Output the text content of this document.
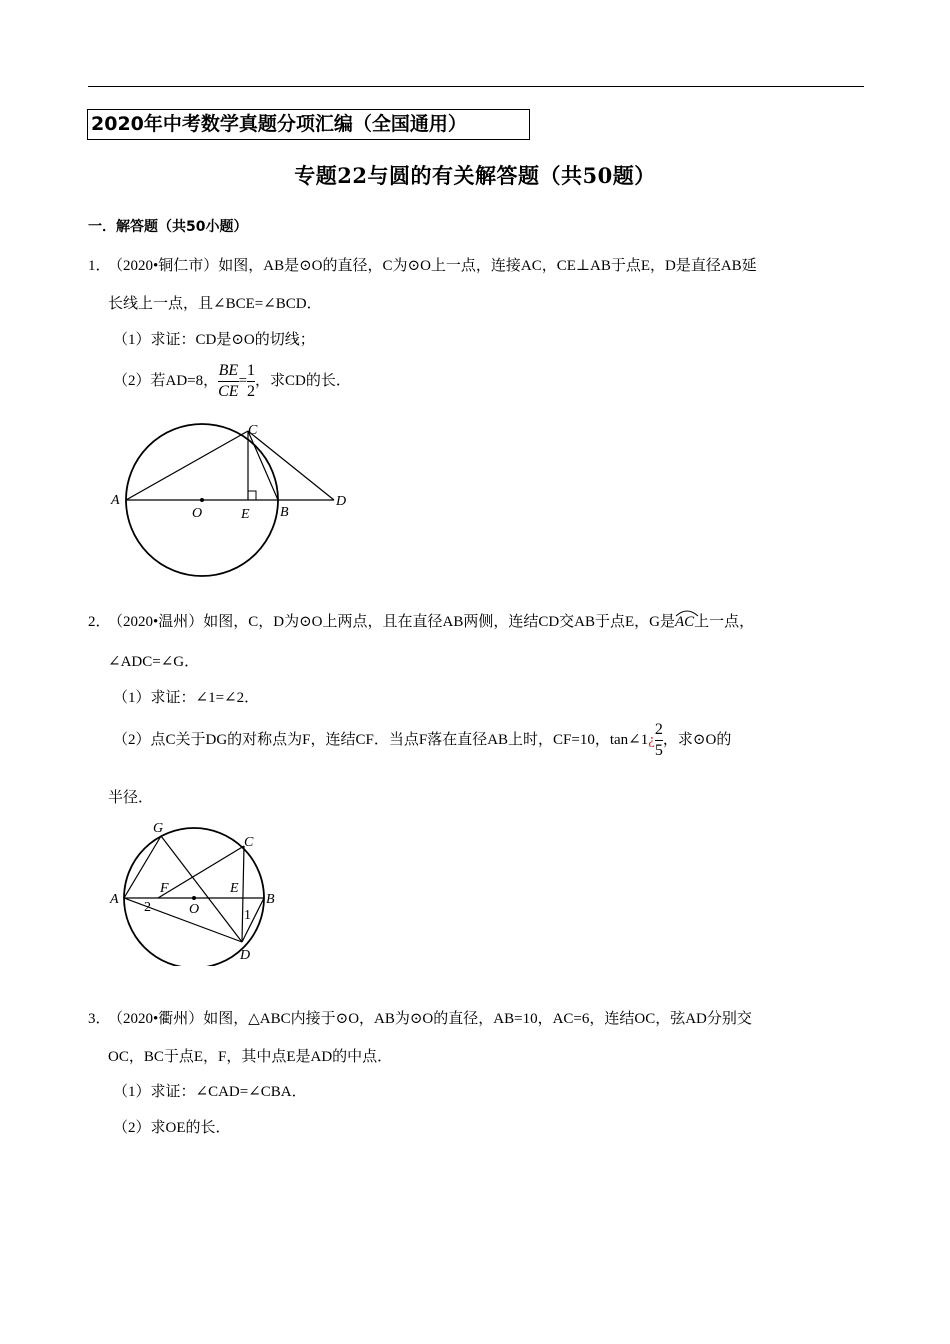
2020年中考数学真题分项汇编（全国通用）
专题22与圆的有关解答题（共50题）
一．解答题（共50小题）
1．
（2020•铜仁市）如图，AB是⊙O的直径，C为⊙O上一点，连接AC，CE⊥AB于点E，D是直径AB延
长线上一点，且∠BCE=∠BCD．
（1）求证：CD是⊙O的切线；
（2）若AD=8， $\frac{BE}{CE} = \frac{1}{2}$ ，求CD的长．
C
A
O	E B
D
2．
（2020•温州）如图，C，D为⊙O上两点，且在直径AB两侧，连结CD交AB于点E，G是
AC上一点，
∠ADC=∠G．
（1）求证：∠1=∠2．
（2）点C关于DG的对称点为F，连结CF．当点F落在直径AB上时，CF=10，tan∠1¿ $\frac{2}{5}$ ，求⊙O的
半径．
G
C
A
F	E
B
2	O	1
D
3．
（2020•衢州）如图，△ABC内接于⊙O，AB为⊙O的直径，AB=10，AC=6，连结OC，弦AD分别交
OC，BC于点E，F，其中点E是AD的中点．
（1）求证：∠CAD=∠CBA．
（2）求OE的长．
